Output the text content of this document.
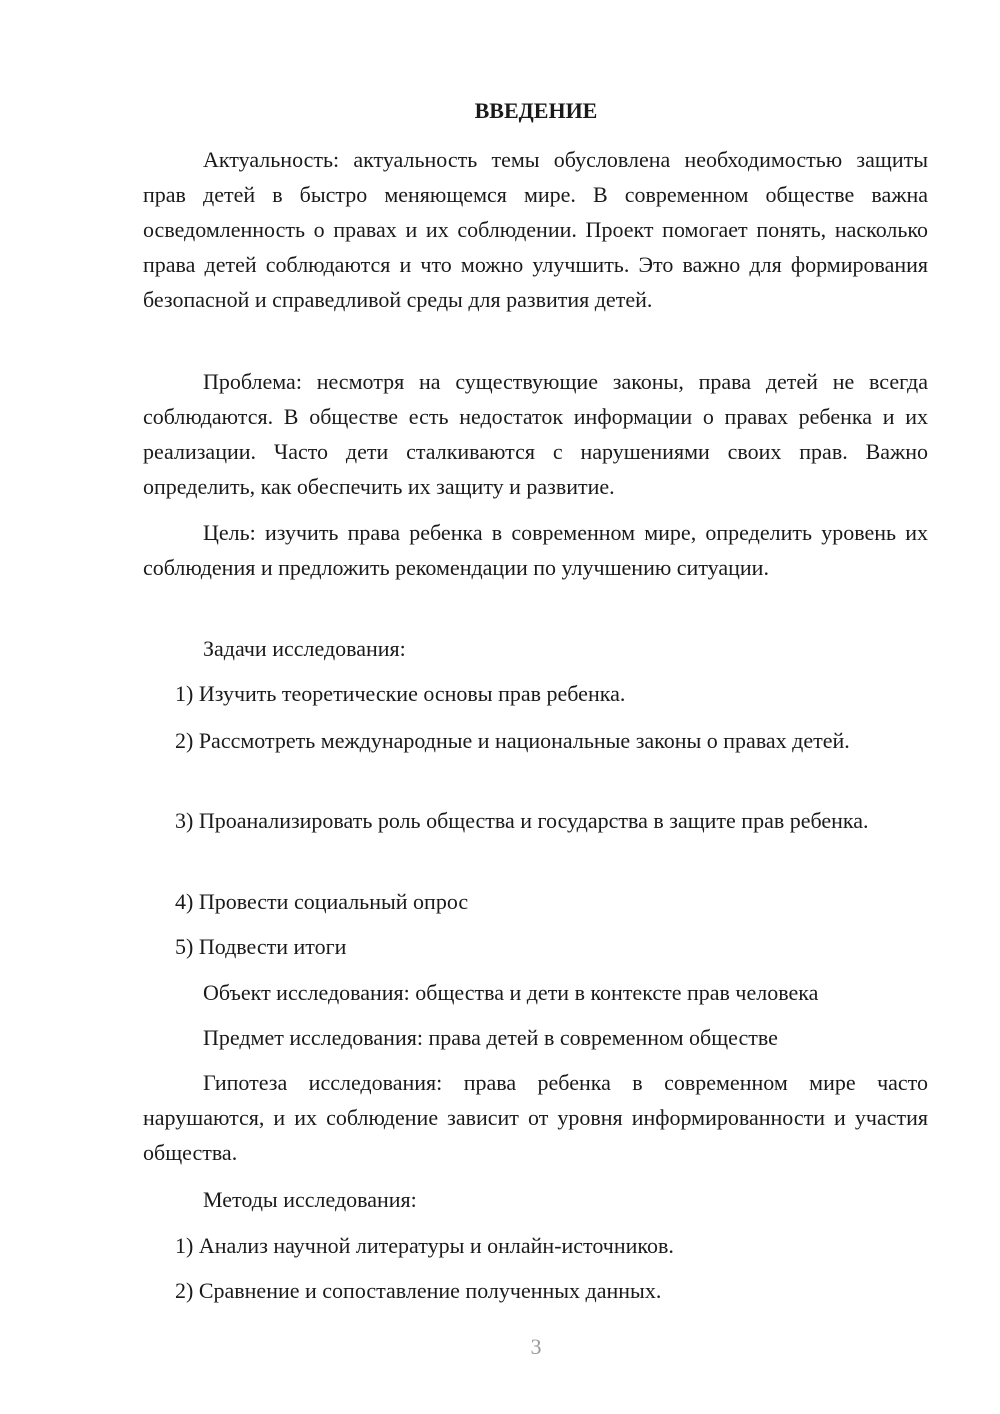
ВВЕДЕНИЕ

Актуальность: актуальность темы обусловлена необходимостью защиты прав детей в быстро меняющемся мире. В современном обществе важна осведомленность о правах и их соблюдении. Проект помогает понять, насколько права детей соблюдаются и что можно улучшить. Это важно для формирования безопасной и справедливой среды для развития детей.

Проблема: несмотря на существующие законы, права детей не всегда соблюдаются. В обществе есть недостаток информации о правах ребенка и их реализации. Часто дети сталкиваются с нарушениями своих прав. Важно определить, как обеспечить их защиту и развитие.

Цель: изучить права ребенка в современном мире, определить уровень их соблюдения и предложить рекомендации по улучшению ситуации.

Задачи исследования:

1) Изучить теоретические основы прав ребенка.

2) Рассмотреть международные и национальные законы о правах детей.

3) Проанализировать роль общества и государства в защите прав ребенка.

4) Провести социальный опрос

5) Подвести итоги

Объект исследования: общества и дети в контексте прав человека

Предмет исследования: права детей в современном обществе

Гипотеза исследования: права ребенка в современном мире часто нарушаются, и их соблюдение зависит от уровня информированности и участия общества.

Методы исследования:

1) Анализ научной литературы и онлайн-источников.

2) Сравнение и сопоставление полученных данных.

3
